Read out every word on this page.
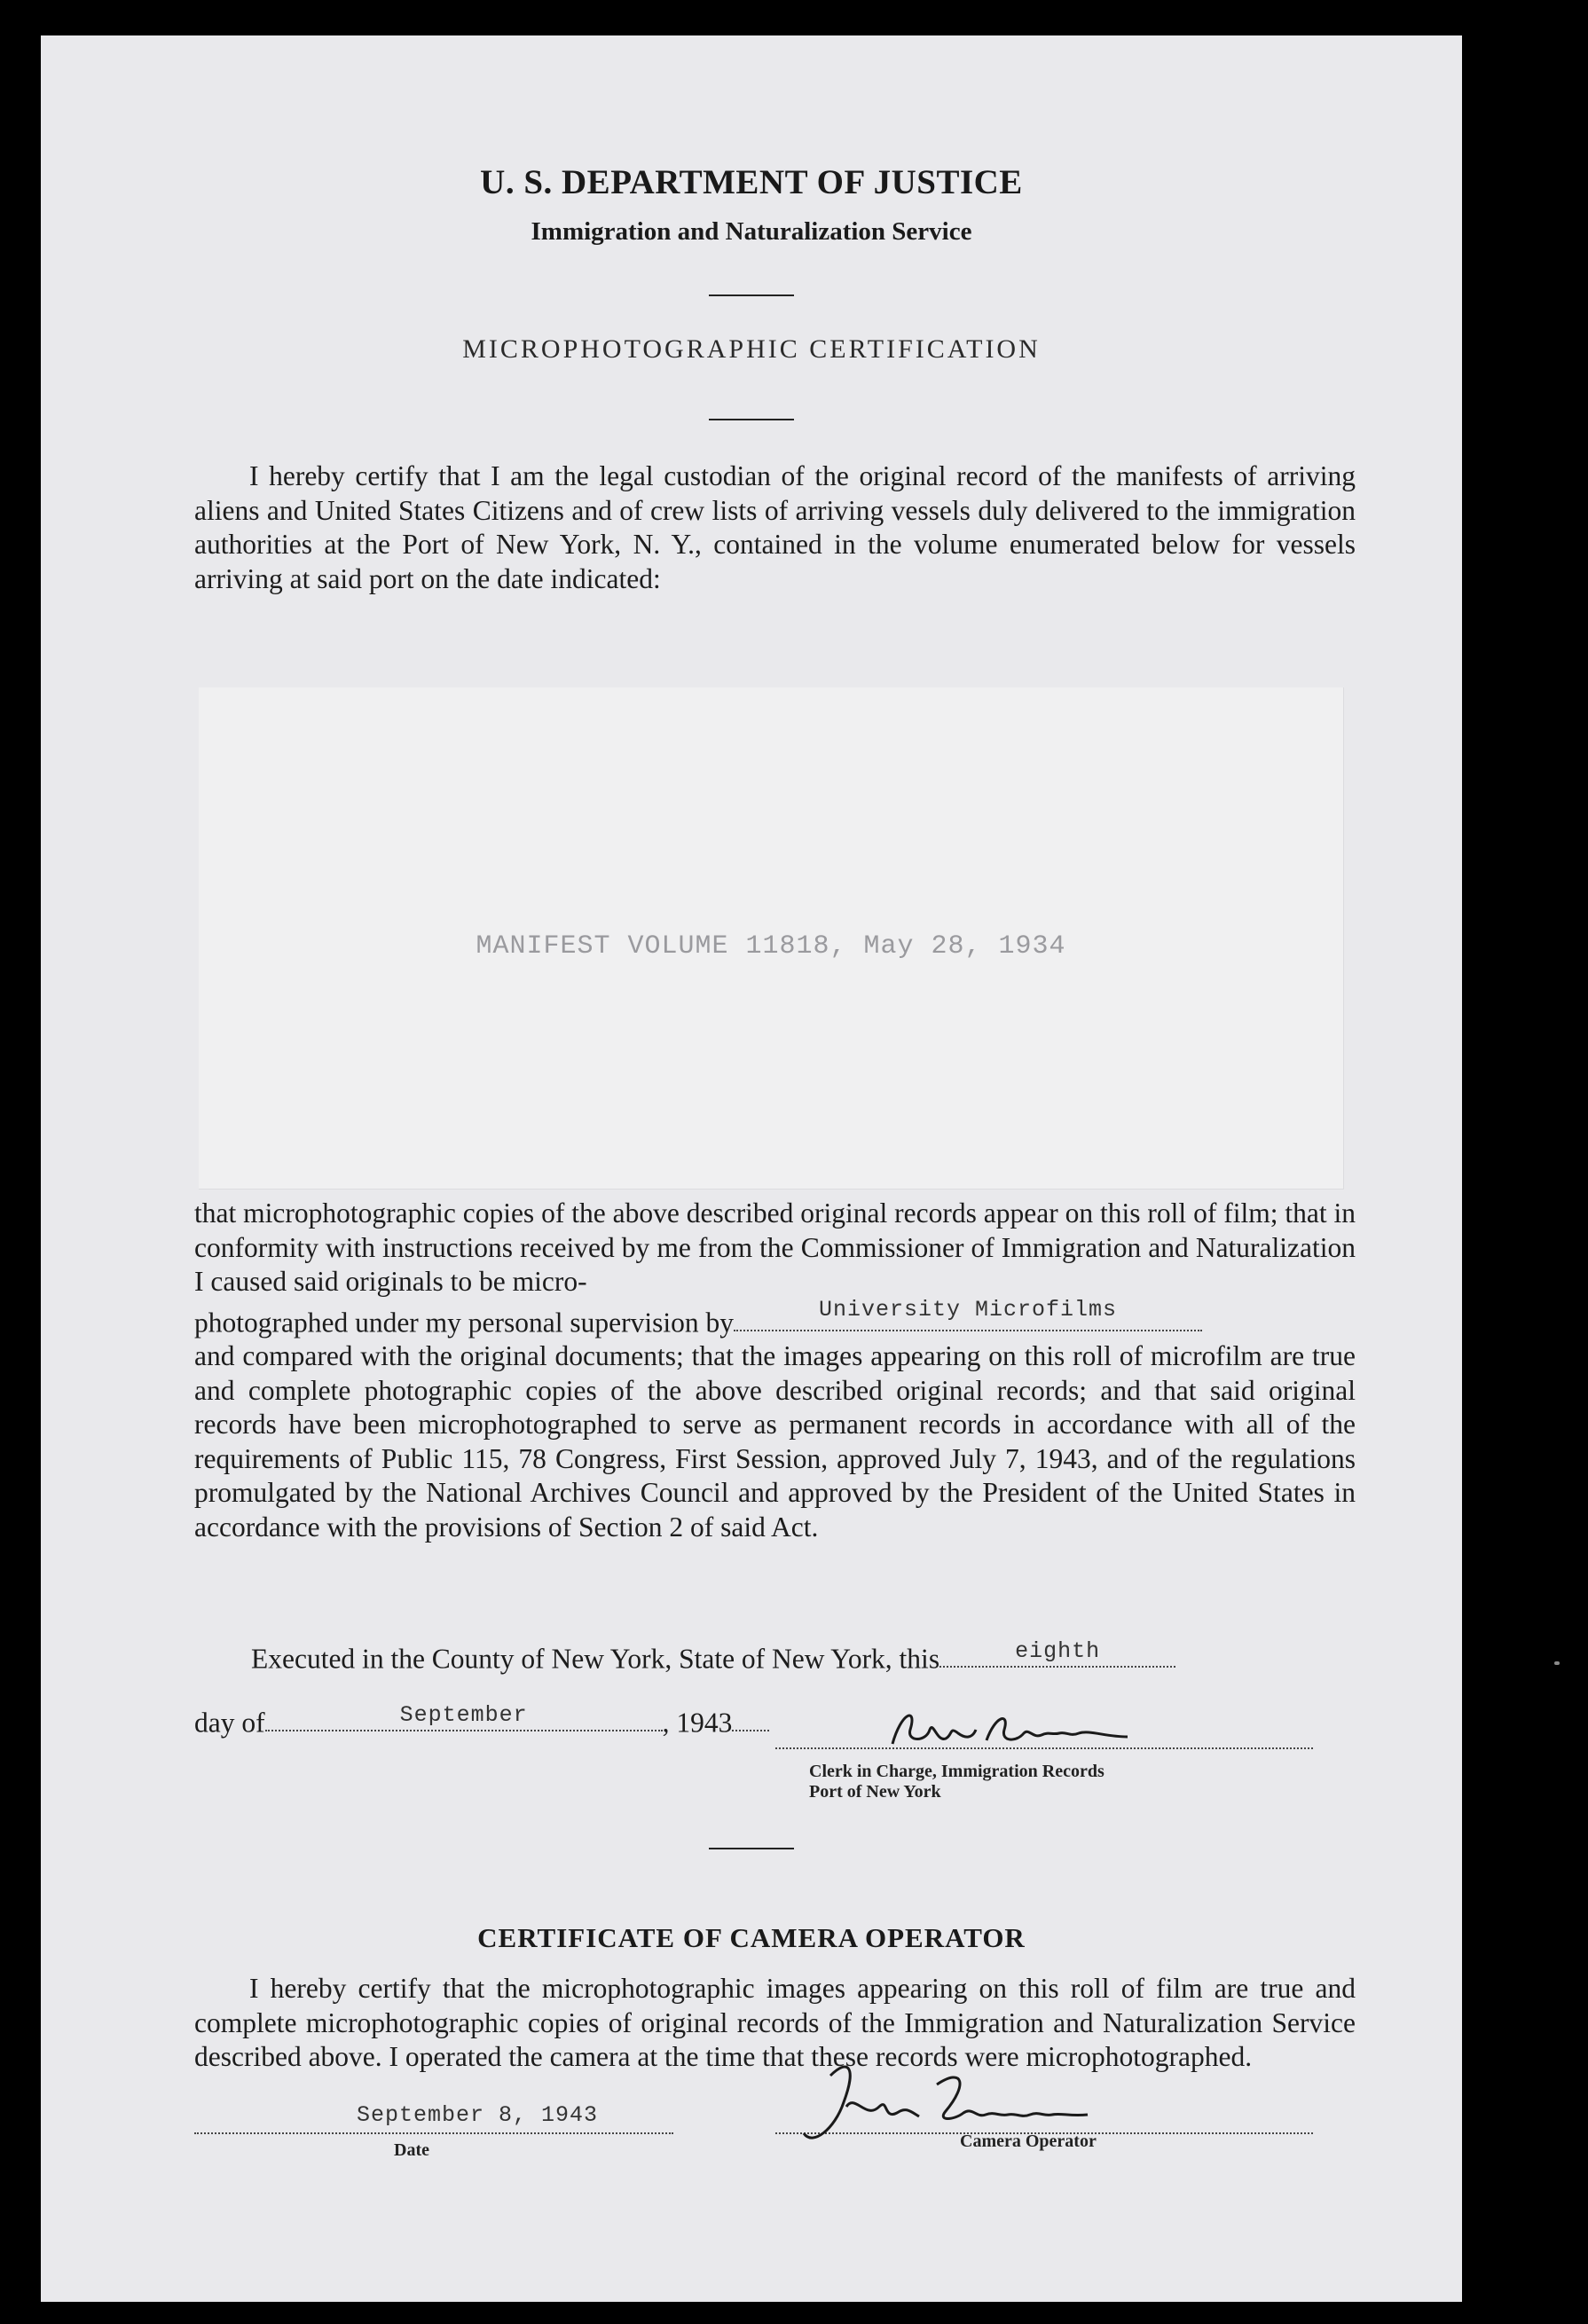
U. S. DEPARTMENT OF JUSTICE
Immigration and Naturalization Service
MICROPHOTOGRAPHIC CERTIFICATION
I hereby certify that I am the legal custodian of the original record of the manifests of arriving aliens and United States Citizens and of crew lists of arriving vessels duly delivered to the immigration authorities at the Port of New York, N. Y., contained in the volume enumerated below for vessels arriving at said port on the date indicated:
MANIFEST VOLUME 11818, May 28, 1934
that microphotographic copies of the above described original records appear on this roll of film; that in conformity with instructions received by me from the Commissioner of Immigration and Naturalization I caused said originals to be micro-
photographed under my personal supervision by	University Microfilms
and compared with the original documents; that the images appearing on this roll of microfilm are true and complete photographic copies of the above described original records; and that said original records have been microphotographed to serve as permanent records in accordance with all of the requirements of Public 115, 78 Congress, First Session, approved July 7, 1943, and of the regulations promulgated by the National Archives Council and approved by the President of the United States in accordance with the provisions of Section 2 of said Act.
Executed in the County of New York, State of New York, this	eighth
day of	September	, 1943
Clerk in Charge, Immigration Records
Port of New York
CERTIFICATE OF CAMERA OPERATOR
I hereby certify that the microphotographic images appearing on this roll of film are true and complete microphotographic copies of original records of the Immigration and Naturalization Service described above. I operated the camera at the time that these records were microphotographed.
September 8, 1943
Date	Camera Operator
